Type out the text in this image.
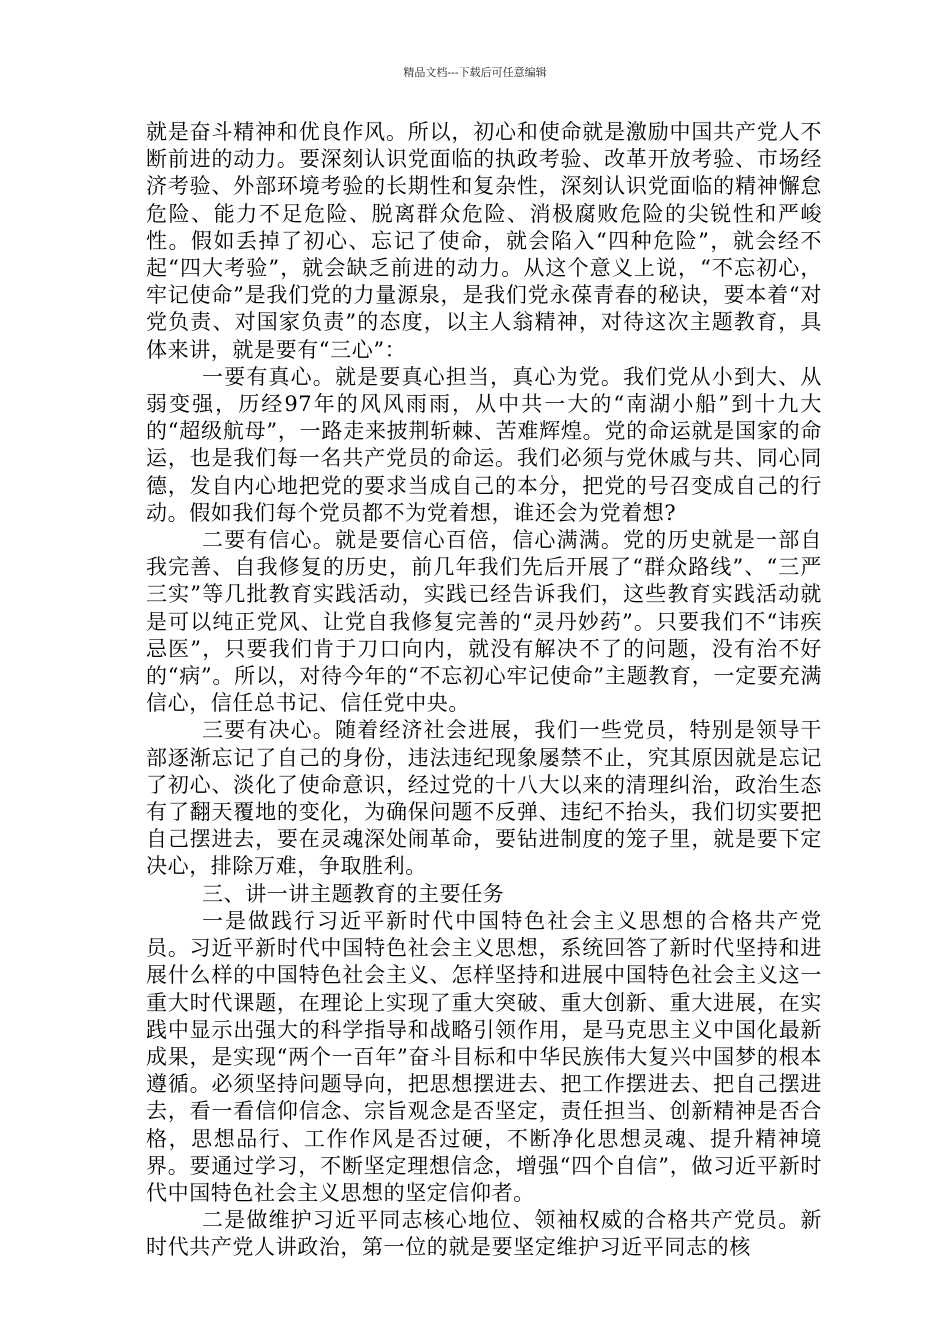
精品文档---下载后可任意编辑

就是奋斗精神和优良作风。所以，初心和使命就是激励中国共产党人不断前进的动力。要深刻认识党面临的执政考验、改革开放考验、市场经济考验、外部环境考验的长期性和复杂性，深刻认识党面临的精神懈怠危险、能力不足危险、脱离群众危险、消极腐败危险的尖锐性和严峻性。假如丢掉了初心、忘记了使命，就会陷入“四种危险”，就会经不起“四大考验”，就会缺乏前进的动力。从这个意义上说，“不忘初心，牢记使命”是我们党的力量源泉，是我们党永葆青春的秘诀，要本着“对党负责、对国家负责”的态度，以主人翁精神，对待这次主题教育，具体来讲，就是要有“三心”：

一要有真心。就是要真心担当，真心为党。我们党从小到大、从弱变强，历经97年的风风雨雨，从中共一大的“南湖小船”到十九大的“超级航母”，一路走来披荆斩棘、苦难辉煌。党的命运就是国家的命运，也是我们每一名共产党员的命运。我们必须与党休戚与共、同心同德，发自内心地把党的要求当成自己的本分，把党的号召变成自己的行动。假如我们每个党员都不为党着想，谁还会为党着想?

二要有信心。就是要信心百倍，信心满满。党的历史就是一部自我完善、自我修复的历史，前几年我们先后开展了“群众路线”、“三严三实”等几批教育实践活动，实践已经告诉我们，这些教育实践活动就是可以纯正党风、让党自我修复完善的“灵丹妙药”。只要我们不“讳疾忌医”，只要我们肯于刀口向内，就没有解决不了的问题，没有治不好的“病”。所以，对待今年的“不忘初心牢记使命”主题教育，一定要充满信心，信任总书记、信任党中央。

三要有决心。随着经济社会进展，我们一些党员，特别是领导干部逐渐忘记了自己的身份，违法违纪现象屡禁不止，究其原因就是忘记了初心、淡化了使命意识，经过党的十八大以来的清理纠治，政治生态有了翻天覆地的变化，为确保问题不反弹、违纪不抬头，我们切实要把自己摆进去，要在灵魂深处闹革命，要钻进制度的笼子里，就是要下定决心，排除万难，争取胜利。

三、讲一讲主题教育的主要任务

一是做践行习近平新时代中国特色社会主义思想的合格共产党员。习近平新时代中国特色社会主义思想，系统回答了新时代坚持和进展什么样的中国特色社会主义、怎样坚持和进展中国特色社会主义这一重大时代课题，在理论上实现了重大突破、重大创新、重大进展，在实践中显示出强大的科学指导和战略引领作用，是马克思主义中国化最新成果，是实现“两个一百年”奋斗目标和中华民族伟大复兴中国梦的根本遵循。必须坚持问题导向，把思想摆进去、把工作摆进去、把自己摆进去，看一看信仰信念、宗旨观念是否坚定，责任担当、创新精神是否合格，思想品行、工作作风是否过硬，不断净化思想灵魂、提升精神境界。要通过学习，不断坚定理想信念，增强“四个自信”，做习近平新时代中国特色社会主义思想的坚定信仰者。

二是做维护习近平同志核心地位、领袖权威的合格共产党员。新时代共产党人讲政治，第一位的就是要坚定维护习近平同志的核
